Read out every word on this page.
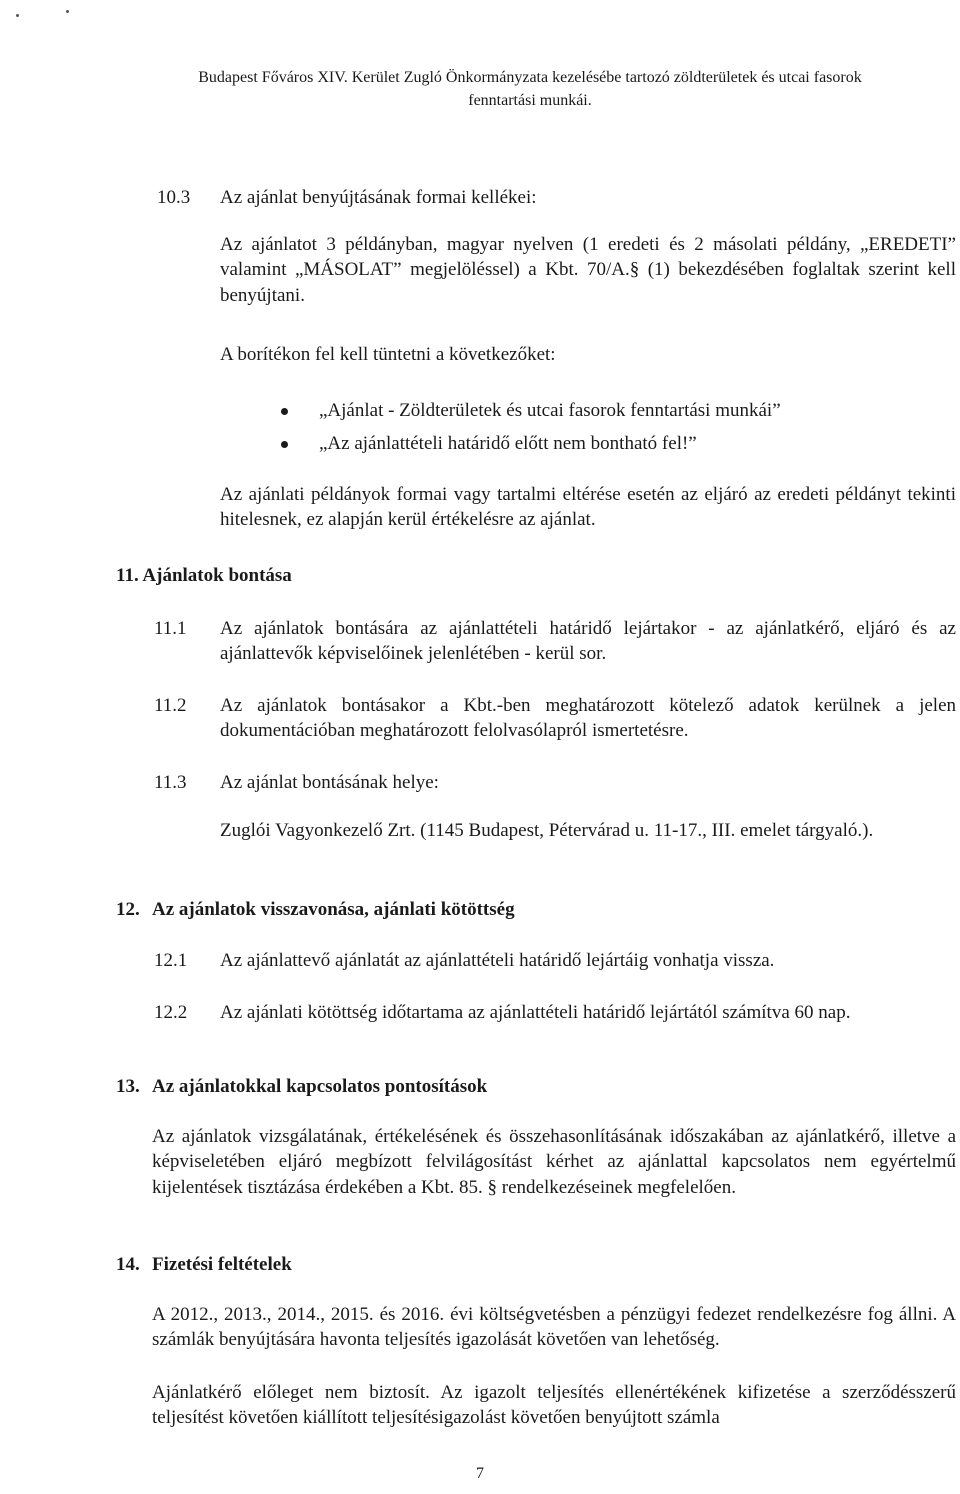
Budapest Főváros XIV. Kerület Zugló Önkormányzata kezelésébe tartozó zöldterületek és utcai fasorok
fenntartási munkái.
10.3 Az ajánlat benyújtásának formai kellékei:

Az ajánlatot 3 példányban, magyar nyelven (1 eredeti és 2 másolati példány, „EREDETI” valamint „MÁSOLAT” megjelöléssel) a Kbt. 70/A.§ (1) bekezdésében foglaltak szerint kell benyújtani.

A borítékon fel kell tüntetni a következőket:

„Ajánlat - Zöldterületek és utcai fasorok fenntartási munkái”
„Az ajánlattételi határidő előtt nem bontható fel!”

Az ajánlati példányok formai vagy tartalmi eltérése esetén az eljáró az eredeti példányt tekinti hitelesnek, ez alapján kerül értékelésre az ajánlat.

11. Ajánlatok bontása
11.1 Az ajánlatok bontására az ajánlattételi határidő lejártakor - az ajánlatkérő, eljáró és az ajánlattevők képviselőinek jelenlétében - kerül sor.

11.2 Az ajánlatok bontásakor a Kbt.-ben meghatározott kötelező adatok kerülnek a jelen dokumentációban meghatározott felolvasólapról ismertetésre.

11.3 Az ajánlat bontásának helye:

Zuglói Vagyonkezelő Zrt. (1145 Budapest, Pétervárad u. 11-17., III. emelet tárgyaló.).

12. Az ajánlatok visszavonása, ajánlati kötöttség
12.1 Az ajánlattevő ajánlatát az ajánlattételi határidő lejártáig vonhatja vissza.

12.2 Az ajánlati kötöttség időtartama az ajánlattételi határidő lejártától számítva 60 nap.

13. Az ajánlatokkal kapcsolatos pontosítások

Az ajánlatok vizsgálatának, értékelésének és összehasonlításának időszakában az ajánlatkérő, illetve a képviseletében eljáró megbízott felvilágosítást kérhet az ajánlattal kapcsolatos nem egyértelmű kijelentések tisztázása érdekében a Kbt. 85. § rendelkezéseinek megfelelően.

14. Fizetési feltételek

A 2012., 2013., 2014., 2015. és 2016. évi költségvetésben a pénzügyi fedezet rendelkezésre fog állni. A számlák benyújtására havonta teljesítés igazolását követően van lehetőség.

Ajánlatkérő előleget nem biztosít. Az igazolt teljesítés ellenértékének kifizetése a szerződésszerű teljesítést követően kiállított teljesítésigazolást követően benyújtott számla

7
